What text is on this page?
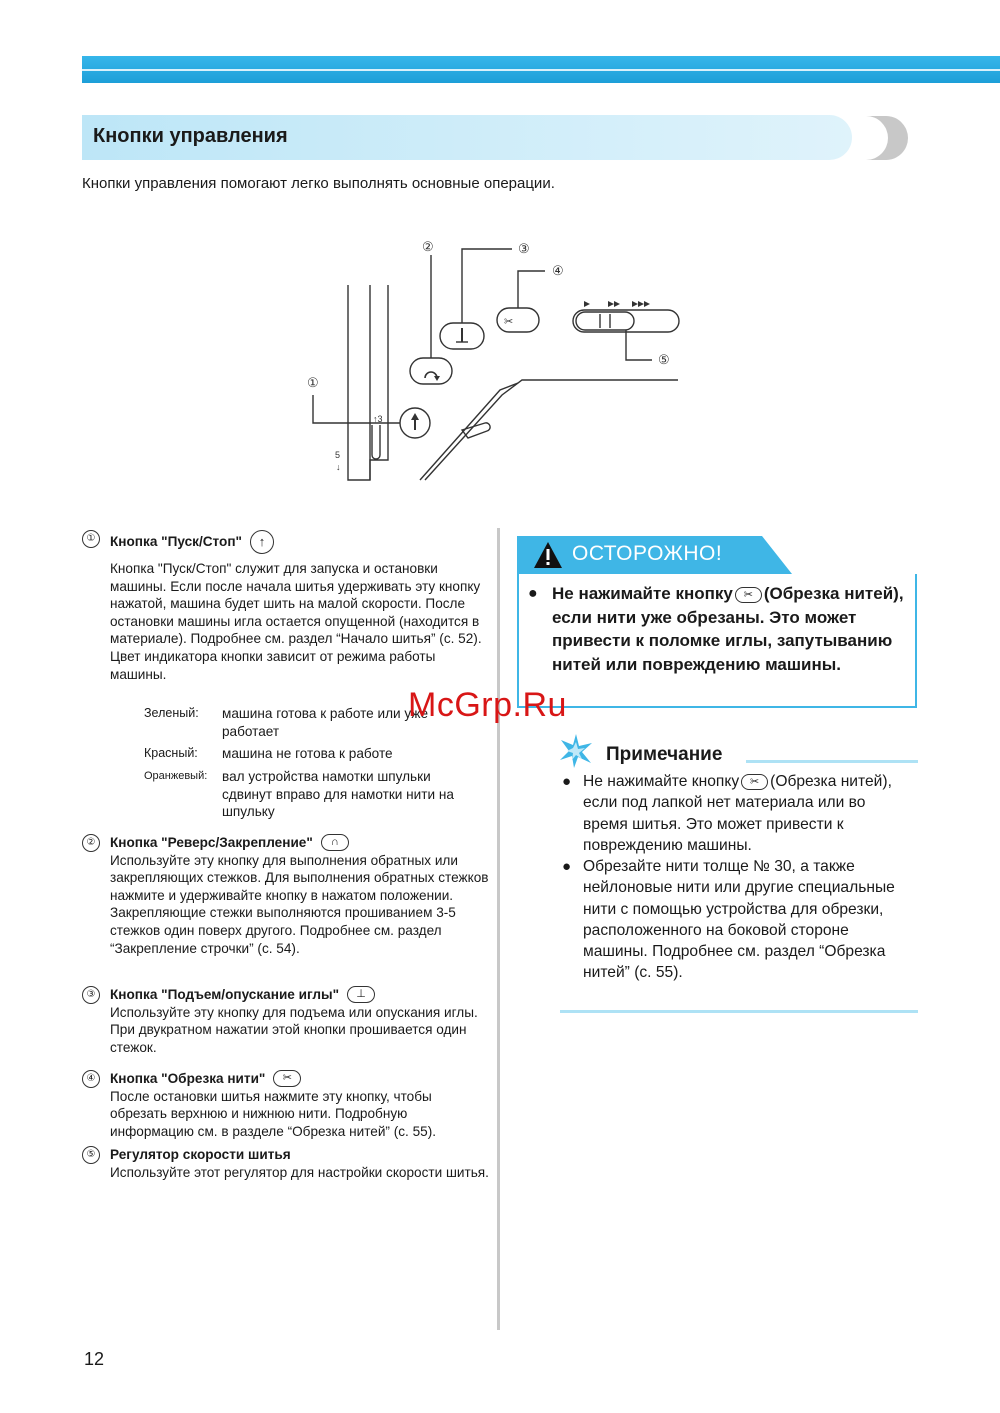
Кнопки управления
Кнопки управления помогают легко выполнять основные операции.
✂
↑3
5
↓
①
②	③
④
⑤
①	Кнопка "Пуск/Стоп"	↑
Кнопка "Пуск/Стоп" служит для запуска и остановки машины. Если после начала шитья удерживать эту кнопку нажатой, машина будет шить на малой скорости. После остановки машины игла остается опущенной (находится в материале). Подробнее см. раздел “Начало шитья” (с. 52).
Цвет индикатора кнопки зависит от режима работы машины.
Зеленый: машина готова к работе или уже работает
Красный: машина не готова к работе
Оранжевый: вал устройства намотки шпульки сдвинут вправо для намотки нити на шпульку
②	Кнопка "Реверс/Закрепление"	∩
Используйте эту кнопку для выполнения обратных или закрепляющих стежков. Для выполнения обратных стежков нажмите и удерживайте кнопку в нажатом положении. Закрепляющие стежки выполняются прошиванием 3-5 стежков один поверх другого. Подробнее см. раздел “Закрепление строчки” (с. 54).
③	Кнопка "Подъем/опускание иглы"	⊥
Используйте эту кнопку для подъема или опускания иглы. При двукратном нажатии этой кнопки прошивается один стежок.
④	Кнопка "Обрезка нити"	✂
После остановки шитья нажмите эту кнопку, чтобы обрезать верхнюю и нижнюю нити. Подробную информацию см. в разделе “Обрезка нитей” (с. 55).
⑤	Регулятор скорости шитья
Используйте этот регулятор для настройки скорости шитья.
ОСТОРОЖНО!
● Не нажимайте кнопку ✂ (Обрезка нитей), если нити уже обрезаны. Это может привести к поломке иглы, запутыванию нитей или повреждению машины.
Примечание
● Не нажимайте кнопку ✂ (Обрезка нитей), если под лапкой нет материала или во время шитья. Это может привести к повреждению машины.
● Обрезайте нити толще № 30, а также нейлоновые нити или другие специальные нити с помощью устройства для обрезки, расположенного на боковой стороне машины. Подробнее см. раздел “Обрезка нитей” (с. 55).
McGrp.Ru
12
